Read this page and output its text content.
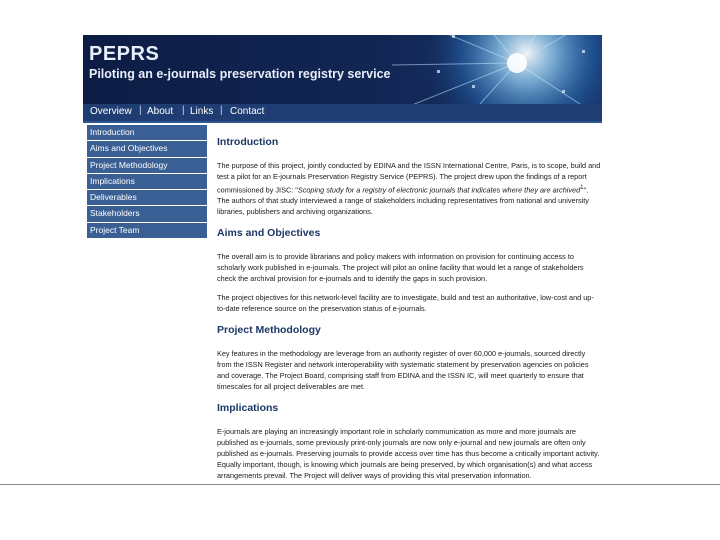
PEPRS
Piloting an e-journals preservation registry service
Overview | About | Links | Contact
Introduction
Aims and Objectives
Project Methodology
Implications
Deliverables
Stakeholders
Project Team
Introduction
The purpose of this project, jointly conducted by EDINA and the ISSN International Centre, Paris, is to scope, build and test a pilot for an E-journals Preservation Registry Service (PEPRS). The project drew upon the findings of a report commissioned by JISC: "Scoping study for a registry of electronic journals that indicates where they are archived$^1$". The authors of that study interviewed a range of stakeholders including representatives from national and university libraries, publishers and archiving organizations.
Aims and Objectives
The overall aim is to provide librarians and policy makers with information on provision for continuing access to scholarly work published in e-journals. The project will pilot an online facility that would let a range of stakeholders check the archival provision for e-journals and to identify the gaps in such provision.
The project objectives for this network-level facility are to investigate, build and test an authoritative, low-cost and up-to-date reference source on the preservation status of e-journals.
Project Methodology
Key features in the methodology are leverage from an authority register of over 60,000 e-journals, sourced directly from the ISSN Register and network interoperability with systematic statement by preservation agencies on policies and coverage. The Project Board, comprising staff from EDINA and the ISSN IC, will meet quarterly to ensure that timescales for all project deliverables are met.
Implications
E-journals are playing an increasingly important role in scholarly communication as more and more journals are published as e-journals, some previously print-only journals are now only e-journal and new journals are often only published as e-journals. Preserving journals to provide access over time has thus become a critically important activity. Equally important, though, is knowing which journals are being preserved, by which organisation(s) and what access arrangements prevail. The Project will deliver ways of providing this vital preservation information.
